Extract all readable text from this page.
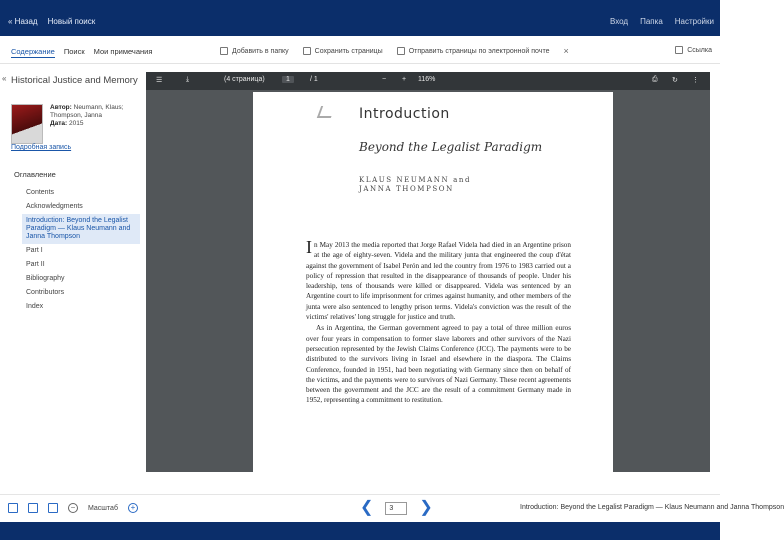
« Назад Новый поиск	Вход Папка Настройки
Содержание Поиск Мои примечания	Добавить в папку	Сохранить страницы	Отправить страницы по электронной почте ×	Ссылка
« Historical Justice and Memory
Автор: Neumann, Klaus; Thompson, Janna
Дата: 2015
Подробная запись
Оглавление
Contents
Acknowledgments
Introduction: Beyond the Legalist Paradigm — Klaus Neumann and Janna Thompson
Part I
Part II
Bibliography
Contributors
Index
☰	⤓	(4 страница)	1	/ 1	− + 116%	⎙ ↻ ⋮
Introduction
Beyond the Legalist Paradigm
KLAUS NEUMANN and
JANNA THOMPSON

In May 2013 the media reported that Jorge Rafael Videla had died in an Argentine prison at the age of eighty-seven. Videla and the military junta that engineered the coup d'état against the government of Isabel Perón and led the country from 1976 to 1983 carried out a policy of repression that resulted in the disappearance of thousands of people. Under his leadership, tens of thousands were killed or disappeared. Videla was sentenced by an Argentine court to life imprisonment for crimes against humanity, and other members of the junta were also sentenced to lengthy prison terms. Videla's conviction was the result of the victims' relatives' long struggle for justice and truth.

As in Argentina, the German government agreed to pay a total of three million euros over four years in compensation to former slave laborers and other survivors of the Nazi persecution represented by the Jewish Claims Conference (JCC). The payments were to be distributed to the survivors living in Israel and elsewhere in the diaspora. The Claims Conference, founded in 1951, had been negotiating with Germany since then on behalf of the victims, and the payments were to survivors of Nazi Germany. These recent agreements between the government and the JCC are the result of a commitment Germany made in 1952, representing a commitment to restitution.

−	Масштаб	+	❮	3	❯	Introduction: Beyond the Legalist Paradigm — Klaus Neumann and Janna Thompson
